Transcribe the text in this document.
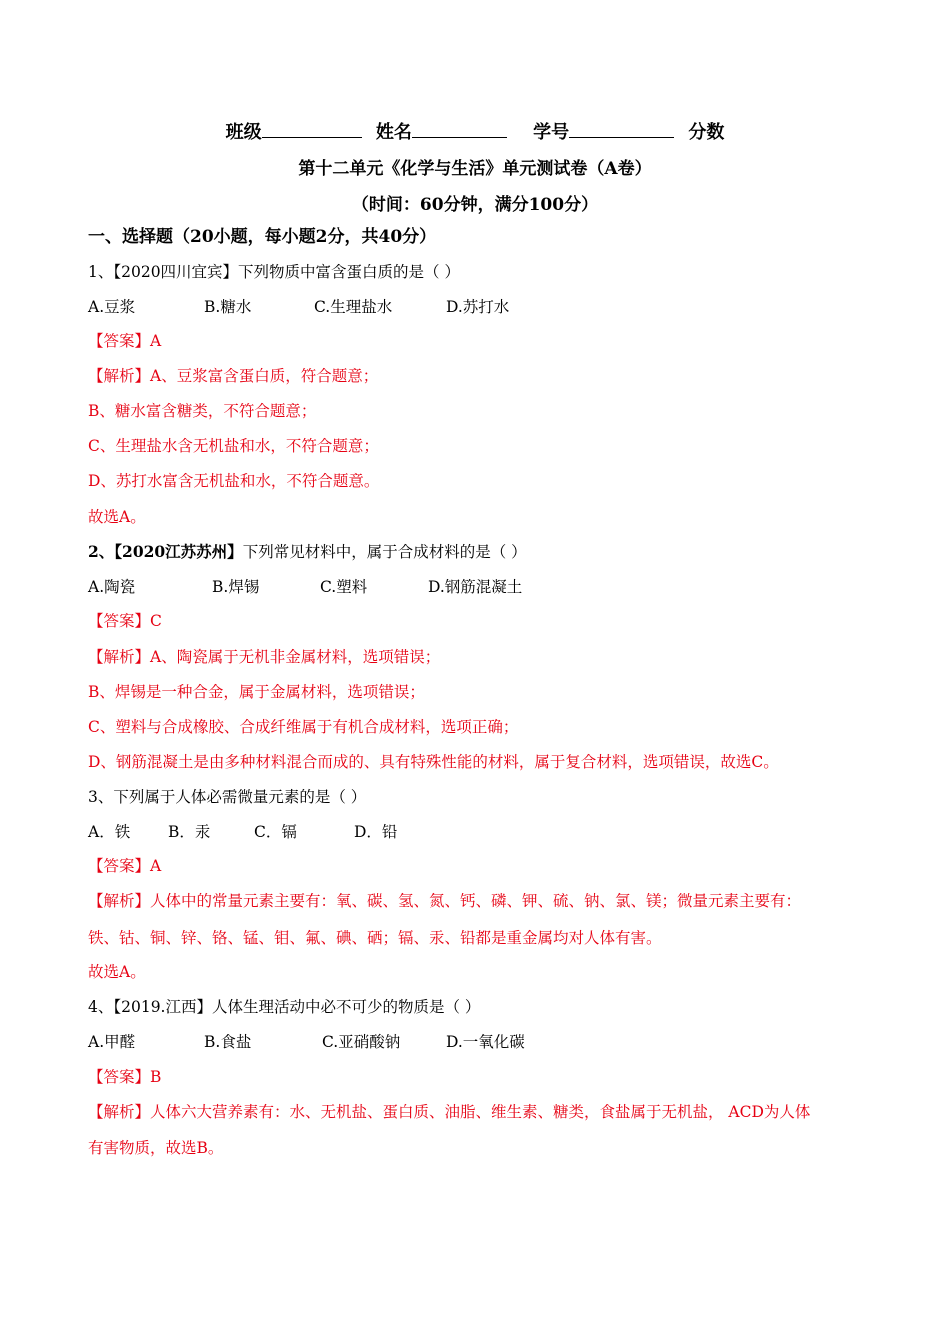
班级	姓名	学号	分数
第十二单元《化学与生活》单元测试卷（A卷）
（时间：60分钟，满分100分）
一、选择题（20小题，每小题2分，共40分）
1、【2020四川宜宾】下列物质中富含蛋白质的是（ ）
A.豆浆	B.糖水	C.生理盐水	D.苏打水
【答案】A
【解析】A、豆浆富含蛋白质，符合题意；
B、糖水富含糖类，不符合题意；
C、生理盐水含无机盐和水，不符合题意；
D、苏打水富含无机盐和水，不符合题意。
故选A。
2、【2020江苏苏州】下列常见材料中，属于合成材料的是（ ）
A.陶瓷	B.焊锡	C.塑料	D.钢筋混凝土
【答案】C
【解析】A、陶瓷属于无机非金属材料，选项错误；
B、焊锡是一种合金，属于金属材料，选项错误；
C、塑料与合成橡胶、合成纤维属于有机合成材料，选项正确；
D、钢筋混凝土是由多种材料混合而成的、具有特殊性能的材料，属于复合材料，选项错误，故选C。
3、下列属于人体必需微量元素的是（ ）
A．铁 B．汞	C．镉	D．铅
【答案】A
【解析】人体中的常量元素主要有：氧、碳、氢、氮、钙、磷、钾、硫、钠、氯、镁；微量元素主要有：
铁、钴、铜、锌、铬、锰、钼、氟、碘、硒；镉、汞、铅都是重金属均对人体有害。
故选A。
4、【2019.江西】人体生理活动中必不可少的物质是（ ）
A.甲醛	B.食盐	C.亚硝酸钠	D.一氧化碳
【答案】B
【解析】人体六大营养素有：水、无机盐、蛋白质、油脂、维生素、糖类，食盐属于无机盐， ACD为人体
有害物质，故选B。
